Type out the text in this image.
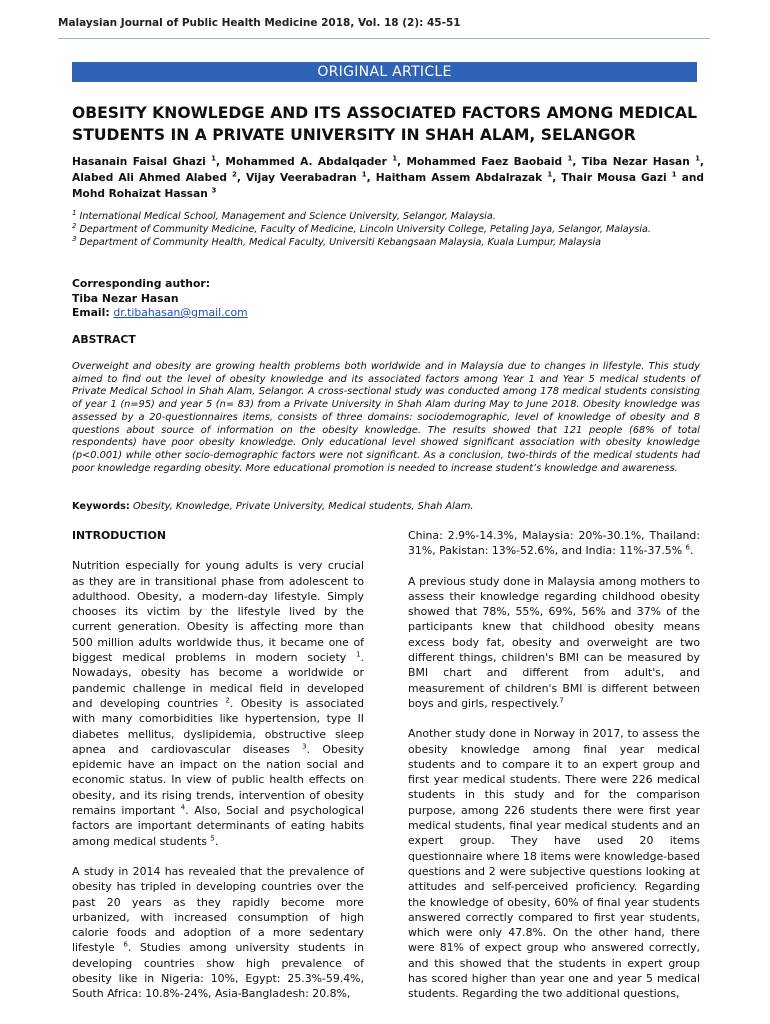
Malaysian Journal of Public Health Medicine 2018, Vol. 18 (2): 45-51
ORIGINAL ARTICLE
OBESITY KNOWLEDGE AND ITS ASSOCIATED FACTORS AMONG MEDICAL STUDENTS IN A PRIVATE UNIVERSITY IN SHAH ALAM, SELANGOR
Hasanain Faisal Ghazi $^1$, Mohammed A. Abdalqader $^1$, Mohammed Faez Baobaid $^1$, Tiba Nezar Hasan $^1$, Alabed Ali Ahmed Alabed $^2$, Vijay Veerabadran $^1$, Haitham Assem Abdalrazak $^1$, Thair Mousa Gazi $^1$ and Mohd Rohaizat Hassan $^3$

$^1$ International Medical School, Management and Science University, Selangor, Malaysia.

$^2$ Department of Community Medicine, Faculty of Medicine, Lincoln University College, Petaling Jaya, Selangor, Malaysia.

$^3$ Department of Community Health, Medical Faculty, Universiti Kebangsaan Malaysia, Kuala Lumpur, Malaysia

Corresponding author:
Tiba Nezar Hasan
Email: dr.tibahasan@gmail.com
ABSTRACT

Overweight and obesity are growing health problems both worldwide and in Malaysia due to changes in lifestyle. This study aimed to find out the level of obesity knowledge and its associated factors among Year 1 and Year 5 medical students of Private Medical School in Shah Alam, Selangor. A cross-sectional study was conducted among 178 medical students consisting of year 1 (n=95) and year 5 (n= 83) from a Private University in Shah Alam during May to June 2018. Obesity knowledge was assessed by a 20-questionnaires items, consists of three domains: sociodemographic, level of knowledge of obesity and 8 questions about source of information on the obesity knowledge. The results showed that 121 people (68% of total respondents) have poor obesity knowledge. Only educational level showed significant association with obesity knowledge (p<0.001) while other socio-demographic factors were not significant. As a conclusion, two-thirds of the medical students had poor knowledge regarding obesity. More educational promotion is needed to increase student’s knowledge and awareness.

Keywords: Obesity, Knowledge, Private University, Medical students, Shah Alam.

INTRODUCTION

Nutrition especially for young adults is very crucial as they are in transitional phase from adolescent to adulthood. Obesity, a modern-day lifestyle. Simply chooses its victim by the lifestyle lived by the current generation. Obesity is affecting more than 500 million adults worldwide thus, it became one of biggest medical problems in modern society $^1$. Nowadays, obesity has become a worldwide or pandemic challenge in medical field in developed and developing countries $^2$. Obesity is associated with many comorbidities like hypertension, type II diabetes mellitus, dyslipidemia, obstructive sleep apnea and cardiovascular diseases $^3$. Obesity epidemic have an impact on the nation social and economic status. In view of public health effects on obesity, and its rising trends, intervention of obesity remains important $^4$. Also, Social and psychological factors are important determinants of eating habits among medical students $^5$.

A study in 2014 has revealed that the prevalence of obesity has tripled in developing countries over the past 20 years as they rapidly become more urbanized, with increased consumption of high calorie foods and adoption of a more sedentary lifestyle $^6$. Studies among university students in developing countries show high prevalence of obesity like in Nigeria: 10%, Egypt: 25.3%-59.4%, South Africa: 10.8%-24%, Asia-Bangladesh: 20.8%,

China: 2.9%-14.3%, Malaysia: 20%-30.1%, Thailand: 31%, Pakistan: 13%-52.6%, and India: 11%-37.5% $^6$.

A previous study done in Malaysia among mothers to assess their knowledge regarding childhood obesity showed that 78%, 55%, 69%, 56% and 37% of the participants knew that childhood obesity means excess body fat, obesity and overweight are two different things, children's BMI can be measured by BMI chart and different from adult's, and measurement of children's BMI is different between boys and girls, respectively.$^7$

Another study done in Norway in 2017, to assess the obesity knowledge among final year medical students and to compare it to an expert group and first year medical students. There were 226 medical students in this study and for the comparison purpose, among 226 students there were first year medical students, final year medical students and an expert group. They have used 20 items questionnaire where 18 items were knowledge-based questions and 2 were subjective questions looking at attitudes and self-perceived proficiency. Regarding the knowledge of obesity, 60% of final year students answered correctly compared to first year students, which were only 47.8%. On the other hand, there were 81% of expect group who answered correctly, and this showed that the students in expert group has scored higher than year one and year 5 medical students. Regarding the two additional questions,
